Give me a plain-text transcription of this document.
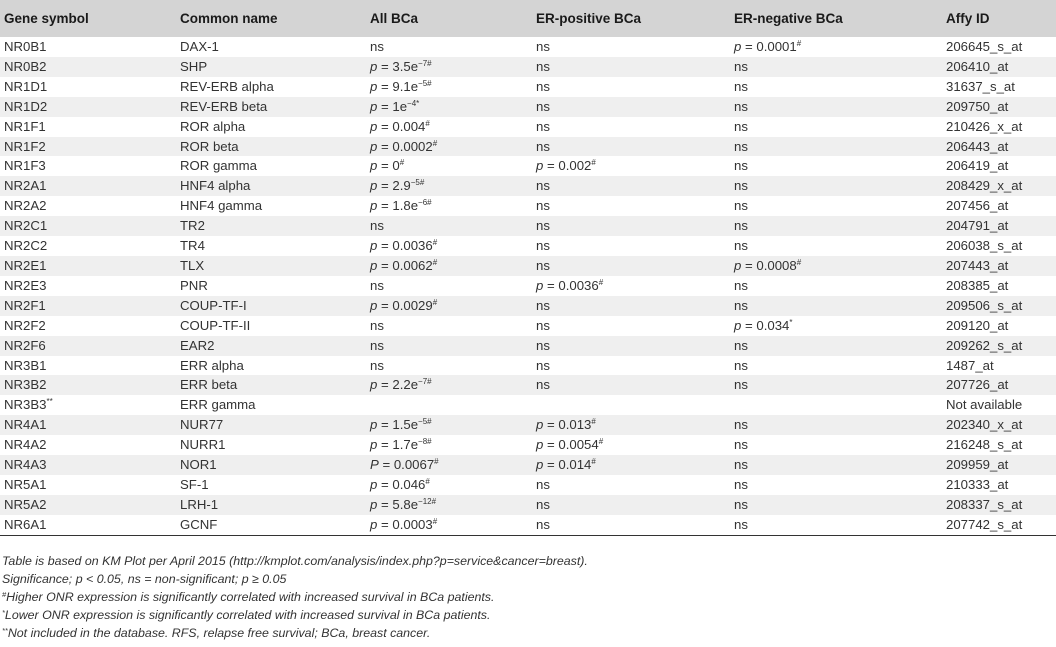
Gene symbol	Common name	All BCa	ER-positive BCa	ER-negative BCa	Affy ID
NR0B1	DAX-1	ns	ns	p = 0.0001#	206645_s_at
NR0B2	SHP	$p = 3.5e^{-7\#}$	ns	ns	206410_at
NR1D1	REV-ERB alpha	$p = 9.1e^{-5\#}$	ns	ns	31637_s_at
NR1D2	REV-ERB beta	$p = 1e^{-4*}$	ns	ns	209750_at
NR1F1	ROR alpha	p = 0.004#	ns	ns	210426_x_at
NR1F2	ROR beta	p = 0.0002#	ns	ns	206443_at
NR1F3	ROR gamma	p = 0#	p = 0.002#	ns	206419_at
NR2A1	HNF4 alpha	$p = 2.9^{-5\#}$	ns	ns	208429_x_at
NR2A2	HNF4 gamma	$p = 1.8e^{-6\#}$	ns	ns	207456_at
NR2C1	TR2	ns	ns	ns	204791_at
NR2C2	TR4	p = 0.0036#	ns	ns	206038_s_at
NR2E1	TLX	p = 0.0062#	ns	p = 0.0008#	207443_at
NR2E3	PNR	ns	p = 0.0036#	ns	208385_at
NR2F1	COUP-TF-I	p = 0.0029#	ns	ns	209506_s_at
NR2F2	COUP-TF-II	ns	ns	p = 0.034*	209120_at
NR2F6	EAR2	ns	ns	ns	209262_s_at
NR3B1	ERR alpha	ns	ns	ns	1487_at
NR3B2	ERR beta	$p = 2.2e^{-7\#}$	ns	ns	207726_at
NR3B3**	ERR gamma				Not available
NR4A1	NUR77	$p = 1.5e^{-5\#}$	p = 0.013#	ns	202340_x_at
NR4A2	NURR1	$p = 1.7e^{-8\#}$	p = 0.0054#	ns	216248_s_at
NR4A3	NOR1	P = 0.0067#	p = 0.014#	ns	209959_at
NR5A1	SF-1	p = 0.046#	ns	ns	210333_at
NR5A2	LRH-1	$p = 5.8e^{-12\#}$	ns	ns	208337_s_at
NR6A1	GCNF	p = 0.0003#	ns	ns	207742_s_at
Table is based on KM Plot per April 2015 (http://kmplot.com/analysis/index.php?p=service&cancer=breast).
Significance; p < 0.05, ns = non-significant; p ≥ 0.05
#Higher ONR expression is significantly correlated with increased survival in BCa patients.
*Lower ONR expression is significantly correlated with increased survival in BCa patients.
**Not included in the database. RFS, relapse free survival; BCa, breast cancer.
